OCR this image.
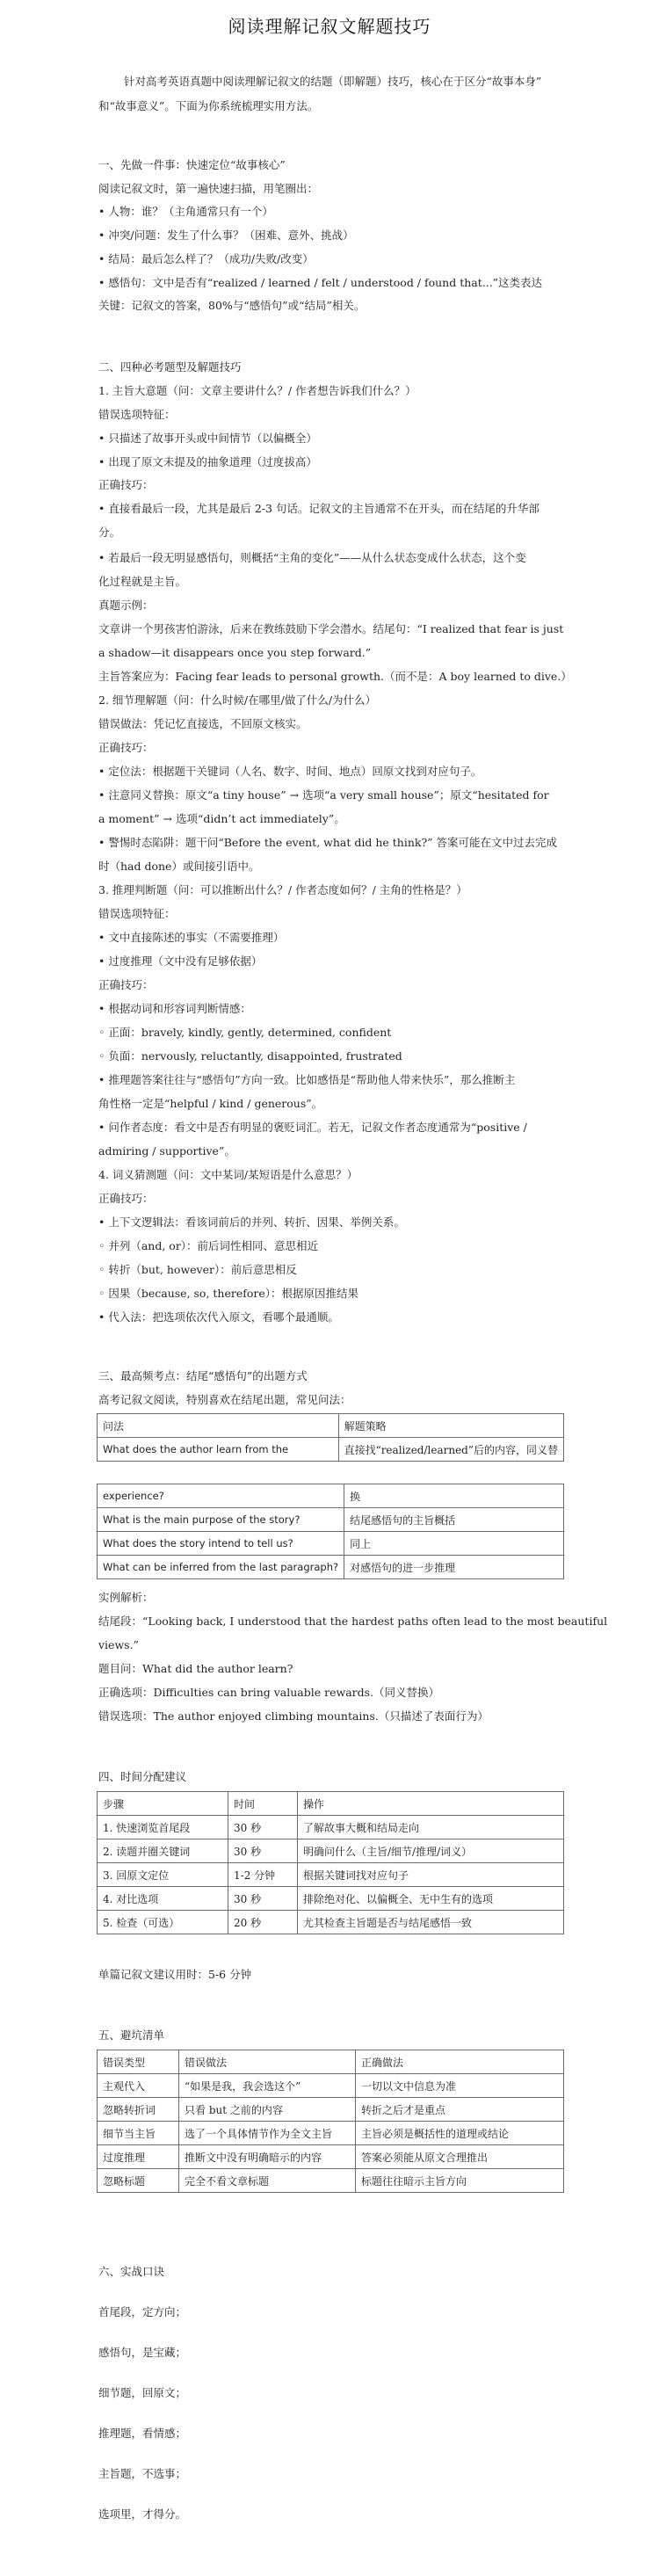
阅读理解记叙文解题技巧
针对高考英语真题中阅读理解记叙文的结题（即解题）技巧，核心在于区分“故事本身”
和“故事意义”。下面为你系统梳理实用方法。
一、先做一件事：快速定位“故事核心”
阅读记叙文时，第一遍快速扫描，用笔圈出：
• 人物：谁？（主角通常只有一个）
• 冲突/问题：发生了什么事？（困难、意外、挑战）
• 结局：最后怎么样了？（成功/失败/改变）
• 感悟句：文中是否有“realized / learned / felt / understood / found that...”这类表达
关键：记叙文的答案，80%与“感悟句”或“结局”相关。
二、四种必考题型及解题技巧
1. 主旨大意题（问：文章主要讲什么？/ 作者想告诉我们什么？）
错误选项特征：
• 只描述了故事开头或中间情节（以偏概全）
• 出现了原文未提及的抽象道理（过度拔高）
正确技巧：
• 直接看最后一段，尤其是最后 2-3 句话。记叙文的主旨通常不在开头，而在结尾的升华部
分。
• 若最后一段无明显感悟句，则概括“主角的变化”——从什么状态变成什么状态，这个变
化过程就是主旨。
真题示例：
文章讲一个男孩害怕游泳，后来在教练鼓励下学会潜水。结尾句：“I realized that fear is just
a shadow—it disappears once you step forward.”
主旨答案应为：Facing fear leads to personal growth.（而不是：A boy learned to dive.）
2. 细节理解题（问：什么时候/在哪里/做了什么/为什么）
错误做法：凭记忆直接选，不回原文核实。
正确技巧：
• 定位法：根据题干关键词（人名、数字、时间、地点）回原文找到对应句子。
• 注意同义替换：原文“a tiny house” → 选项“a very small house”；原文“hesitated for
a moment” → 选项“didn’t act immediately”。
• 警惕时态陷阱：题干问“Before the event, what did he think?” 答案可能在文中过去完成
时（had done）或间接引语中。
3. 推理判断题（问：可以推断出什么？/ 作者态度如何？/ 主角的性格是？）
错误选项特征：
• 文中直接陈述的事实（不需要推理）
• 过度推理（文中没有足够依据）
正确技巧：
• 根据动词和形容词判断情感：
◦ 正面：bravely, kindly, gently, determined, confident
◦ 负面：nervously, reluctantly, disappointed, frustrated
• 推理题答案往往与“感悟句”方向一致。比如感悟是“帮助他人带来快乐”，那么推断主
角性格一定是“helpful / kind / generous”。
• 问作者态度：看文中是否有明显的褒贬词汇。若无，记叙文作者态度通常为“positive /
admiring / supportive”。
4. 词义猜测题（问：文中某词/某短语是什么意思？）
正确技巧：
• 上下文逻辑法：看该词前后的并列、转折、因果、举例关系。
◦ 并列（and, or）：前后词性相同、意思相近
◦ 转折（but, however）：前后意思相反
◦ 因果（because, so, therefore）：根据原因推结果
• 代入法：把选项依次代入原文，看哪个最通顺。
三、最高频考点：结尾“感悟句”的出题方式
高考记叙文阅读，特别喜欢在结尾出题，常见问法：
问法	解题策略
What does the author learn from the	直接找“realized/learned”后的内容，同义替
experience?	换
What is the main purpose of the story?	结尾感悟句的主旨概括
What does the story intend to tell us?	同上
What can be inferred from the last paragraph?	对感悟句的进一步推理
实例解析：
结尾段：“Looking back, I understood that the hardest paths often lead to the most beautiful
views.”
题目问：What did the author learn?
正确选项：Difficulties can bring valuable rewards.（同义替换）
错误选项：The author enjoyed climbing mountains.（只描述了表面行为）
四、时间分配建议
步骤	时间	操作
1. 快速浏览首尾段	30 秒	了解故事大概和结局走向
2. 读题并圈关键词	30 秒	明确问什么（主旨/细节/推理/词义）
3. 回原文定位	1-2 分钟	根据关键词找对应句子
4. 对比选项	30 秒	排除绝对化、以偏概全、无中生有的选项
5. 检查（可选）	20 秒	尤其检查主旨题是否与结尾感悟一致
单篇记叙文建议用时：5-6 分钟
五、避坑清单
错误类型	错误做法	正确做法
主观代入	“如果是我，我会选这个”	一切以文中信息为准
忽略转折词	只看 but 之前的内容	转折之后才是重点
细节当主旨	选了一个具体情节作为全文主旨	主旨必须是概括性的道理或结论
过度推理	推断文中没有明确暗示的内容	答案必须能从原文合理推出
忽略标题	完全不看文章标题	标题往往暗示主旨方向
六、实战口诀
首尾段，定方向；
感悟句，是宝藏；
细节题，回原文；
推理题，看情感；
主旨题，不选事；
选项里，才得分。
